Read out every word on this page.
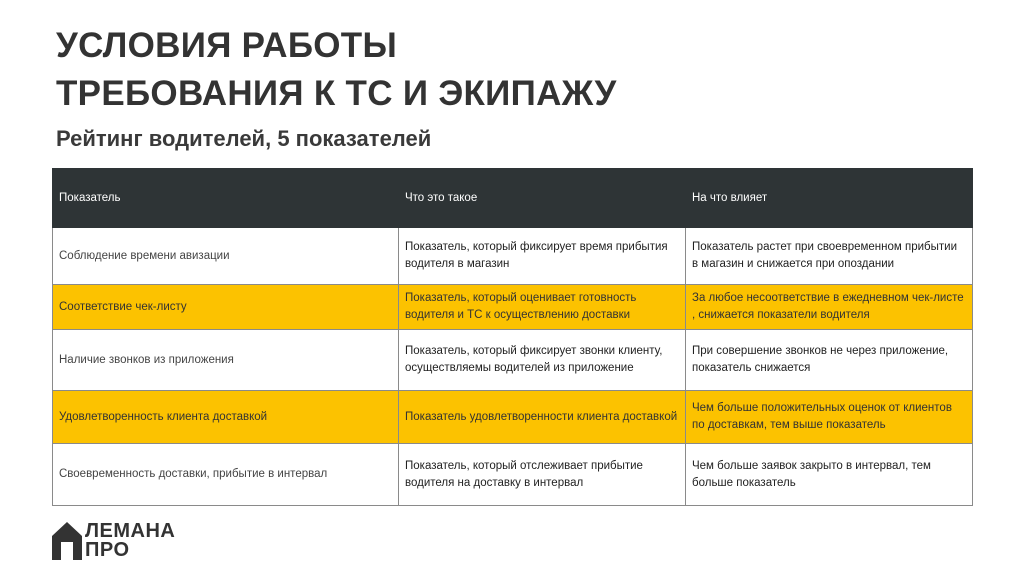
УСЛОВИЯ РАБОТЫ
ТРЕБОВАНИЯ К ТС И ЭКИПАЖУ
Рейтинг водителей, 5 показателей
Показатель	Что это такое	На что влияет
Соблюдение времени авизации	Показатель, который фиксирует время прибытия водителя в магазин	Показатель растет при своевременном прибытии в магазин и снижается при опоздании
Соответствие чек-листу	Показатель, который оценивает готовность водителя и ТС к осуществлению доставки	За любое несоответствие в ежедневном чек-листе , снижается показатели водителя
Наличие звонков из приложения	Показатель, который фиксирует звонки клиенту, осуществляемы водителей из приложение	При совершение звонков не через приложение, показатель снижается
Удовлетворенность клиента доставкой	Показатель удовлетворенности клиента доставкой	Чем больше положительных оценок от клиентов по доставкам, тем выше показатель
Своевременность доставки, прибытие в интервал	Показатель, который отслеживает прибытие водителя на доставку в интервал	Чем больше заявок закрыто в интервал, тем больше показатель
ЛЕМАНА
ПРО
